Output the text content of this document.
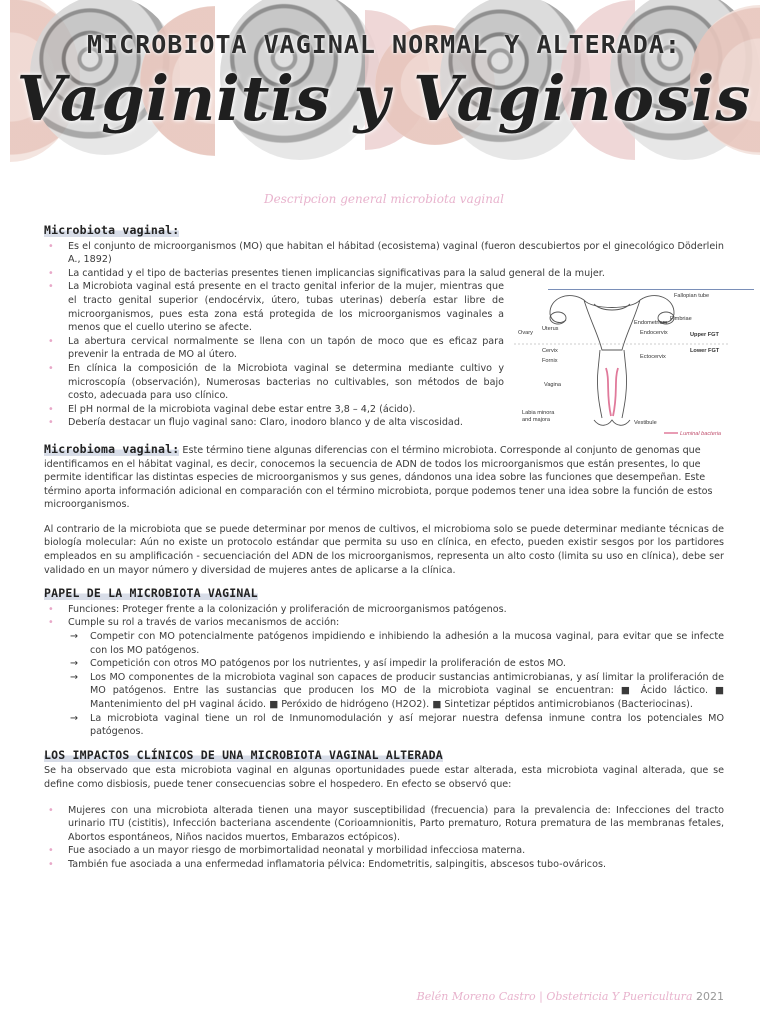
MICROBIOTA VAGINAL NORMAL Y ALTERADA:
Vaginitis y Vaginosis
Descripcion general microbiota vaginal
Microbiota vaginal:
• Es el conjunto de microorganismos (MO) que habitan el hábitad (ecosistema) vaginal (fueron descubiertos por el ginecológico Döderlein A., 1892)
• La cantidad y el tipo de bacterias presentes tienen implicancias significativas para la salud general de la mujer.
• La Microbiota vaginal está presente en el tracto genital inferior de la mujer, mientras que el tracto genital superior (endocérvix, útero, tubas uterinas) debería estar libre de microorganismos, pues esta zona está protegida de los microorganismos vaginales a menos que el cuello uterino se afecte.
• La abertura cervical normalmente se llena con un tapón de moco que es eficaz para prevenir la entrada de MO al útero.
• En clínica la composición de la Microbiota vaginal se determina mediante cultivo y microscopía (observación), Numerosas bacterias no cultivables, son métodos de bajo costo, adecuada para uso clínico.
• El pH normal de la microbiota vaginal debe estar entre 3,8 – 4,2 (ácido).
• Debería destacar un flujo vaginal sano: Claro, inodoro blanco y de alta viscosidad.
Fallopian tube
Fimbriae
Ovary
Uterus
Endometrium
Endocervix	Upper FGT
Lower FGT
Cervix
Fornix
Ectocervix
Vagina
Labia minora
and majora	Vestibule
Luminal bacteria

Microbioma vaginal: Este término tiene algunas diferencias con el término microbiota. Corresponde al conjunto de genomas que identificamos en el hábitat vaginal, es decir, conocemos la secuencia de ADN de todos los microorganismos que están presentes, lo que permite identificar las distintas especies de microorganismos y sus genes, dándonos una idea sobre las funciones que desempeñan. Este término aporta información adicional en comparación con el término microbiota, porque podemos tener una idea sobre la función de estos microorganismos.

Al contrario de la microbiota que se puede determinar por menos de cultivos, el microbioma solo se puede determinar mediante técnicas de biología molecular: Aún no existe un protocolo estándar que permita su uso en clínica, en efecto, pueden existir sesgos por los partidores empleados en su amplificación - secuenciación del ADN de los microorganismos, representa un alto costo (limita su uso en clínica), debe ser validado en un mayor número y diversidad de mujeres antes de aplicarse a la clínica.

PAPEL DE LA MICROBIOTA VAGINAL
• Funciones: Proteger frente a la colonización y proliferación de microorganismos patógenos.
• Cumple su rol a través de varios mecanismos de acción:
→ Competir con MO potencialmente patógenos impidiendo e inhibiendo la adhesión a la mucosa vaginal, para evitar que se infecte con los MO patógenos.
→ Competición con otros MO patógenos por los nutrientes, y así impedir la proliferación de estos MO.
→ Los MO componentes de la microbiota vaginal son capaces de producir sustancias antimicrobianas, y así limitar la proliferación de MO patógenos. Entre las sustancias que producen los MO de la microbiota vaginal se encuentran: ■ Ácido láctico. ■ Mantenimiento del pH vaginal ácido. ■ Peróxido de hidrógeno (H2O2). ■ Sintetizar péptidos antimicrobianos (Bacteriocinas).
→ La microbiota vaginal tiene un rol de Inmunomodulación y así mejorar nuestra defensa inmune contra los potenciales MO patógenos.
LOS IMPACTOS CLÍNICOS DE UNA MICROBIOTA VAGINAL ALTERADA

Se ha observado que esta microbiota vaginal en algunas oportunidades puede estar alterada, esta microbiota vaginal alterada, que se define como disbiosis, puede tener consecuencias sobre el hospedero. En efecto se observó que:

• Mujeres con una microbiota alterada tienen una mayor susceptibilidad (frecuencia) para la prevalencia de: Infecciones del tracto urinario ITU (cistitis), Infección bacteriana ascendente (Corioamnionitis, Parto prematuro, Rotura prematura de las membranas fetales, Abortos espontáneos, Niños nacidos muertos, Embarazos ectópicos).
• Fue asociado a un mayor riesgo de morbimortalidad neonatal y morbilidad infecciosa materna.
• También fue asociada a una enfermedad inflamatoria pélvica: Endometritis, salpingitis, abscesos tubo-ováricos.
Belén Moreno Castro | Obstetricia Y Puericultura 2021
